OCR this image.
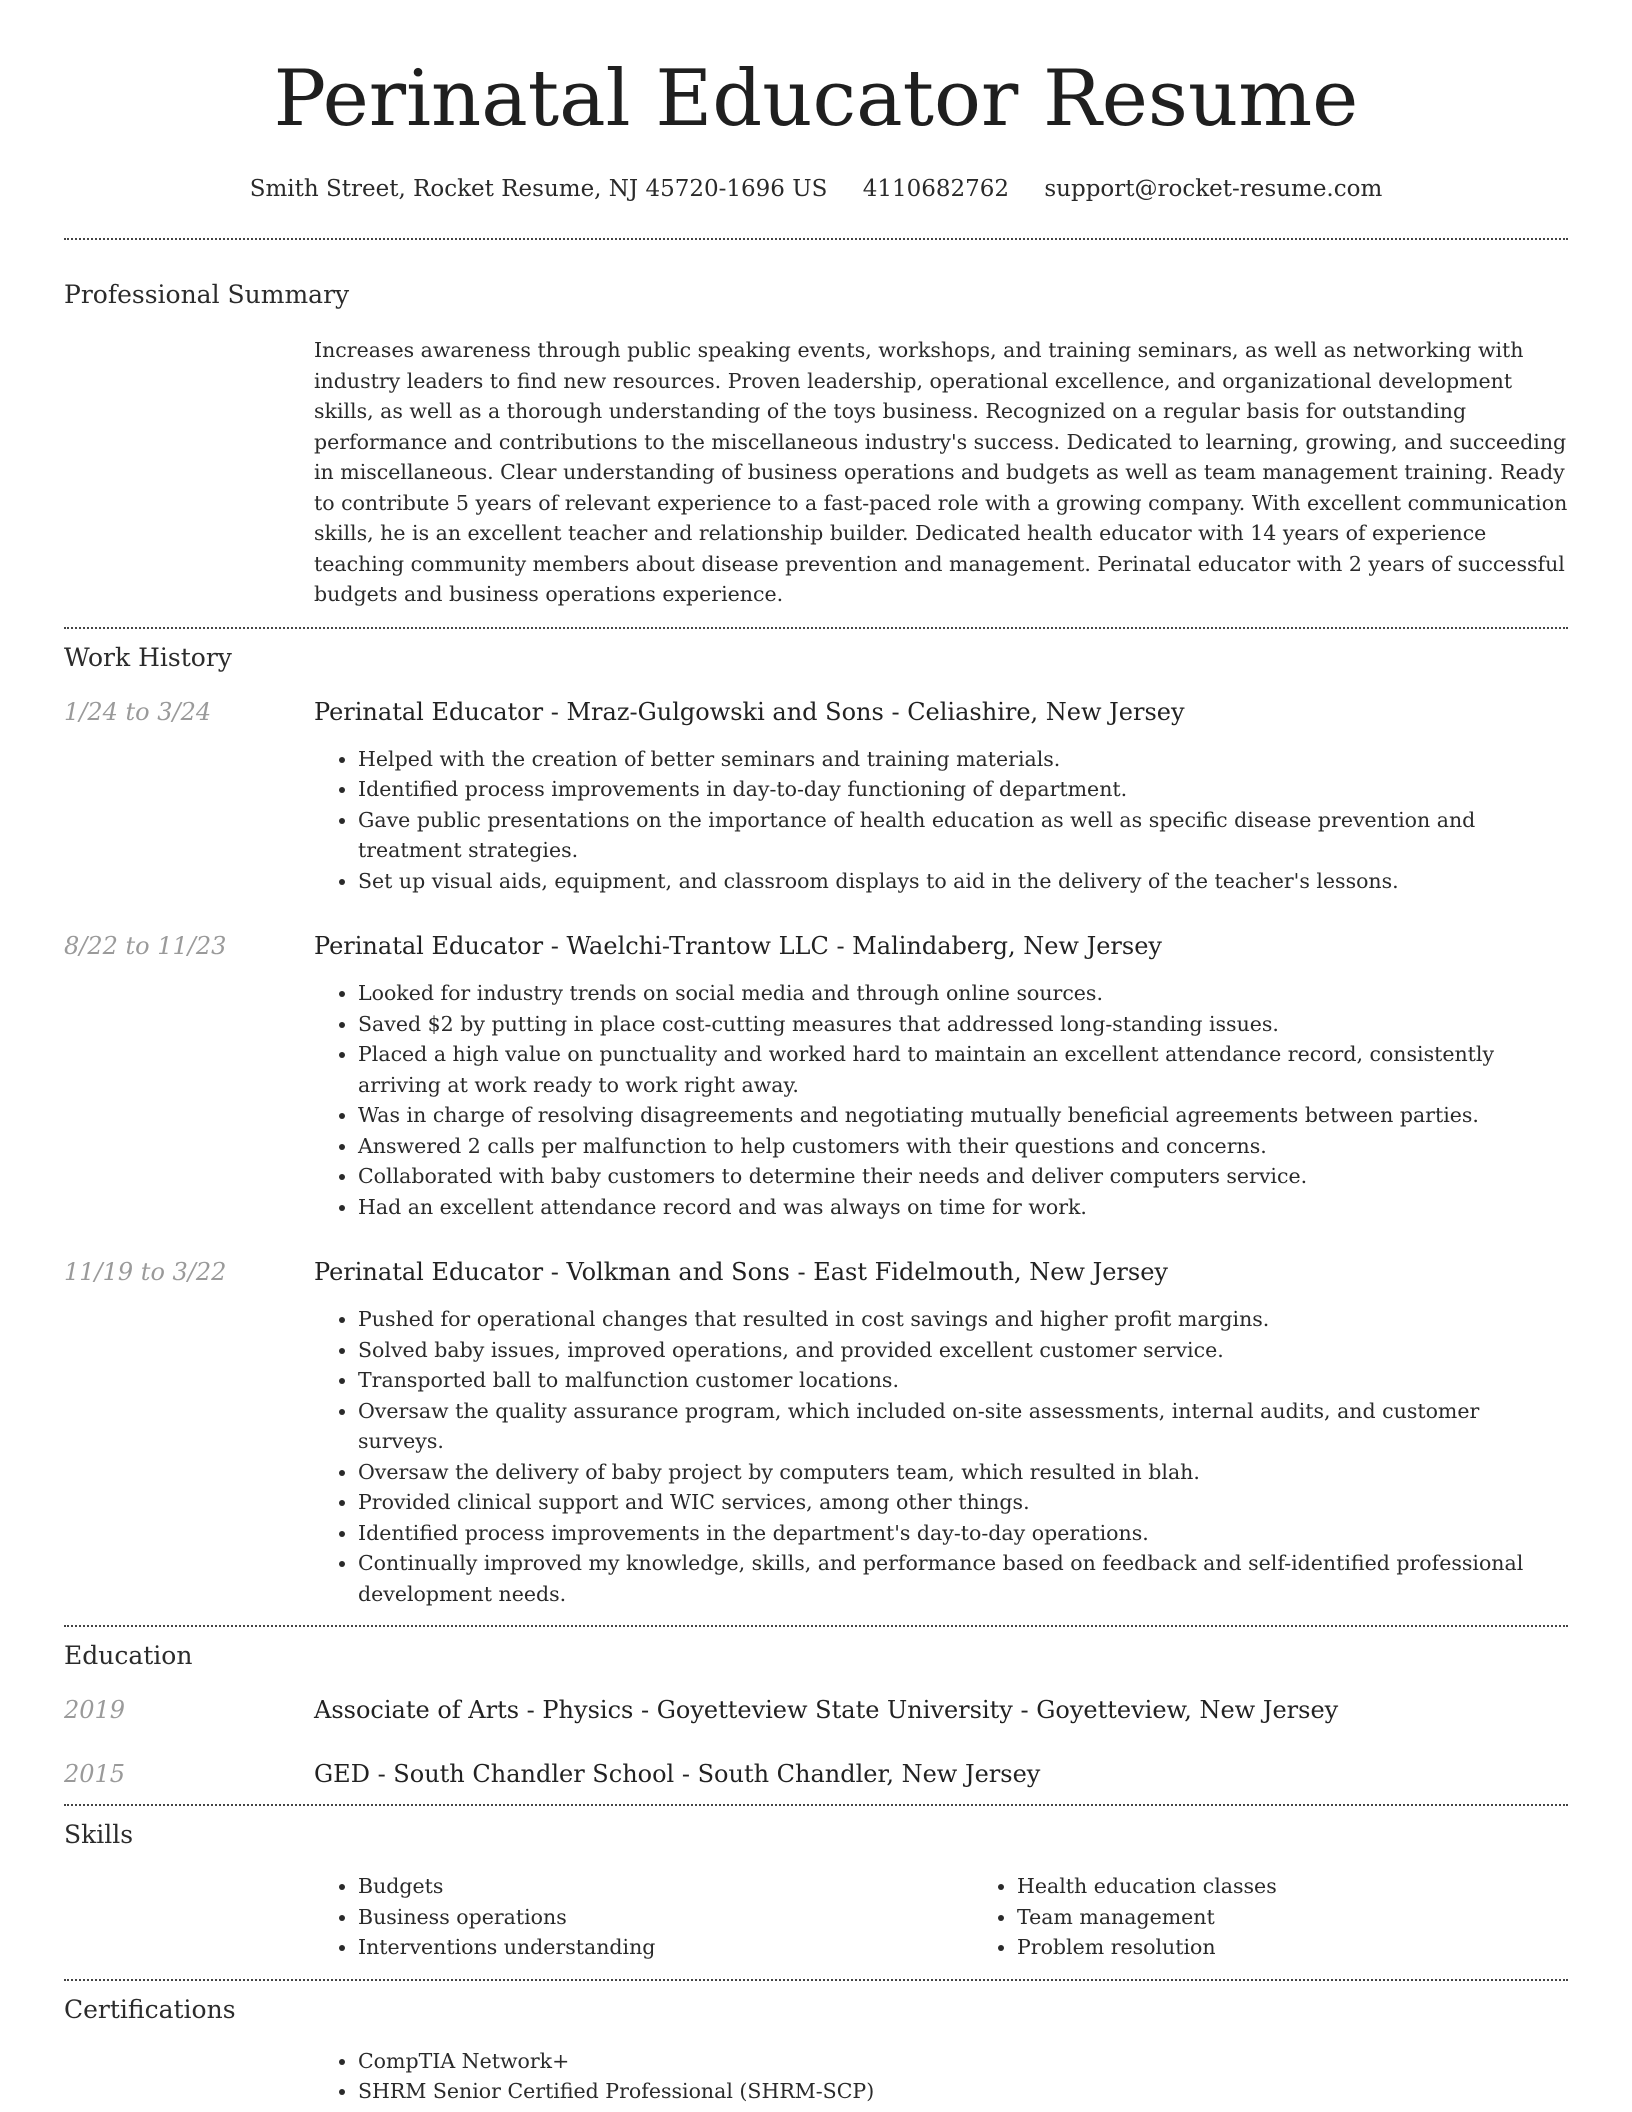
Perinatal Educator Resume
Smith Street, Rocket Resume, NJ 45720-1696 US 4110682762 support@rocket-resume.com
Professional Summary

Increases awareness through public speaking events, workshops, and training seminars, as well as networking with industry leaders to find new resources. Proven leadership, operational excellence, and organizational development skills, as well as a thorough understanding of the toys business. Recognized on a regular basis for outstanding performance and contributions to the miscellaneous industry's success. Dedicated to learning, growing, and succeeding in miscellaneous. Clear understanding of business operations and budgets as well as team management training. Ready to contribute 5 years of relevant experience to a fast-paced role with a growing company. With excellent communication skills, he is an excellent teacher and relationship builder. Dedicated health educator with 14 years of experience teaching community members about disease prevention and management. Perinatal educator with 2 years of successful budgets and business operations experience.

Work History
1/24 to 3/24	Perinatal Educator - Mraz-Gulgowski and Sons - Celiashire, New Jersey
• Helped with the creation of better seminars and training materials.
• Identified process improvements in day-to-day functioning of department.
• Gave public presentations on the importance of health education as well as specific disease prevention and treatment strategies.
• Set up visual aids, equipment, and classroom displays to aid in the delivery of the teacher's lessons.
8/22 to 11/23	Perinatal Educator - Waelchi-Trantow LLC - Malindaberg, New Jersey
• Looked for industry trends on social media and through online sources.
• Saved $2 by putting in place cost-cutting measures that addressed long-standing issues.
• Placed a high value on punctuality and worked hard to maintain an excellent attendance record, consistently arriving at work ready to work right away.
• Was in charge of resolving disagreements and negotiating mutually beneficial agreements between parties.
• Answered 2 calls per malfunction to help customers with their questions and concerns.
• Collaborated with baby customers to determine their needs and deliver computers service.
• Had an excellent attendance record and was always on time for work.
11/19 to 3/22	Perinatal Educator - Volkman and Sons - East Fidelmouth, New Jersey
• Pushed for operational changes that resulted in cost savings and higher profit margins.
• Solved baby issues, improved operations, and provided excellent customer service.
• Transported ball to malfunction customer locations.
• Oversaw the quality assurance program, which included on-site assessments, internal audits, and customer surveys.
• Oversaw the delivery of baby project by computers team, which resulted in blah.
• Provided clinical support and WIC services, among other things.
• Identified process improvements in the department's day-to-day operations.
• Continually improved my knowledge, skills, and performance based on feedback and self-identified professional development needs.
Education
2019	Associate of Arts - Physics - Goyetteview State University - Goyetteview, New Jersey
2015	GED - South Chandler School - South Chandler, New Jersey
Skills
• Budgets
• Business operations
• Interventions understanding
• Health education classes
• Team management
• Problem resolution
Certifications
• CompTIA Network+
• SHRM Senior Certified Professional (SHRM-SCP)
